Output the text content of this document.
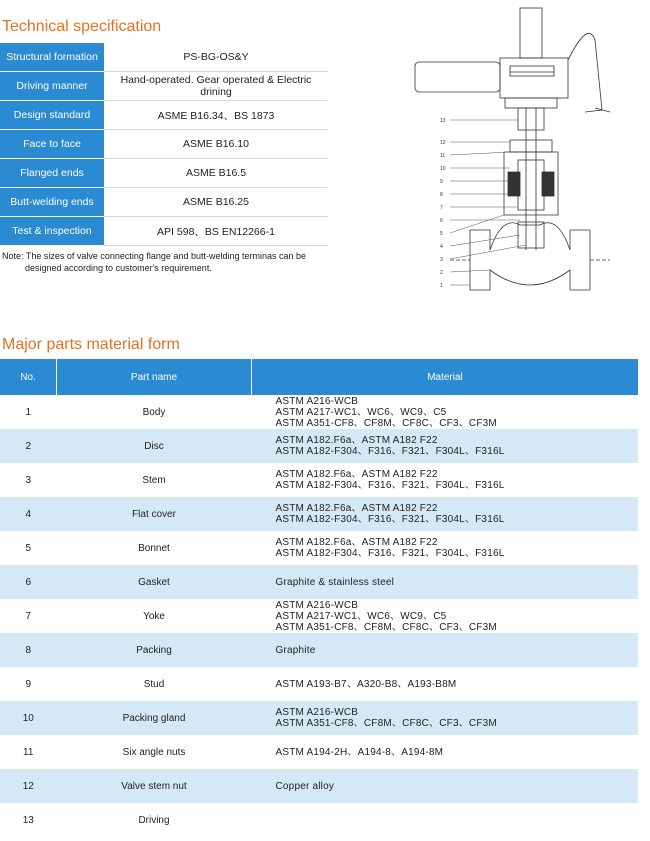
Technical specification
Structural formation	PS-BG-OS&Y
Driving manner	Hand-operated. Gear operated & Electric drining
Design standard	ASME B16.34、BS 1873
Face to face	ASME B16.10
Flanged ends	ASME B16.5
Butt-welding ends	ASME B16.25
Test & inspection	API 598、BS EN12266-1
Note: The sizes of valve connecting flange and butt-welding terminas can be
designed according to customer's requirement.
13
12
11
10
9
8
7
6
5
4
3
2
1
Major parts material form
No.	Part name	Material
1	Body	ASTM A216-WCB
ASTM A217-WC1、WC6、WC9、C5
ASTM A351-CF8、CF8M、CF8C、CF3、CF3M

2	Disc	ASTM A182.F6a、ASTM A182 F22
ASTM A182-F304、F316、F321、F304L、F316L

3	Stem	ASTM A182.F6a、ASTM A182 F22
ASTM A182-F304、F316、F321、F304L、F316L

4	Flat cover	ASTM A182.F6a、ASTM A182 F22
ASTM A182-F304、F316、F321、F304L、F316L

5	Bonnet	ASTM A182.F6a、ASTM A182 F22
ASTM A182-F304、F316、F321、F304L、F316L

6	Gasket	Graphite & stainless steel

7	Yoke	ASTM A216-WCB
ASTM A217-WC1、WC6、WC9、C5
ASTM A351-CF8、CF8M、CF8C、CF3、CF3M

8	Packing	Graphite

9	Stud	ASTM A193-B7、A320-B8、A193-B8M

10	Packing gland	ASTM A216-WCB
ASTM A351-CF8、CF8M、CF8C、CF3、CF3M

11	Six angle nuts	ASTM A194-2H、A194-8、A194-8M

12	Valve stem nut	Copper alloy

13	Driving	
